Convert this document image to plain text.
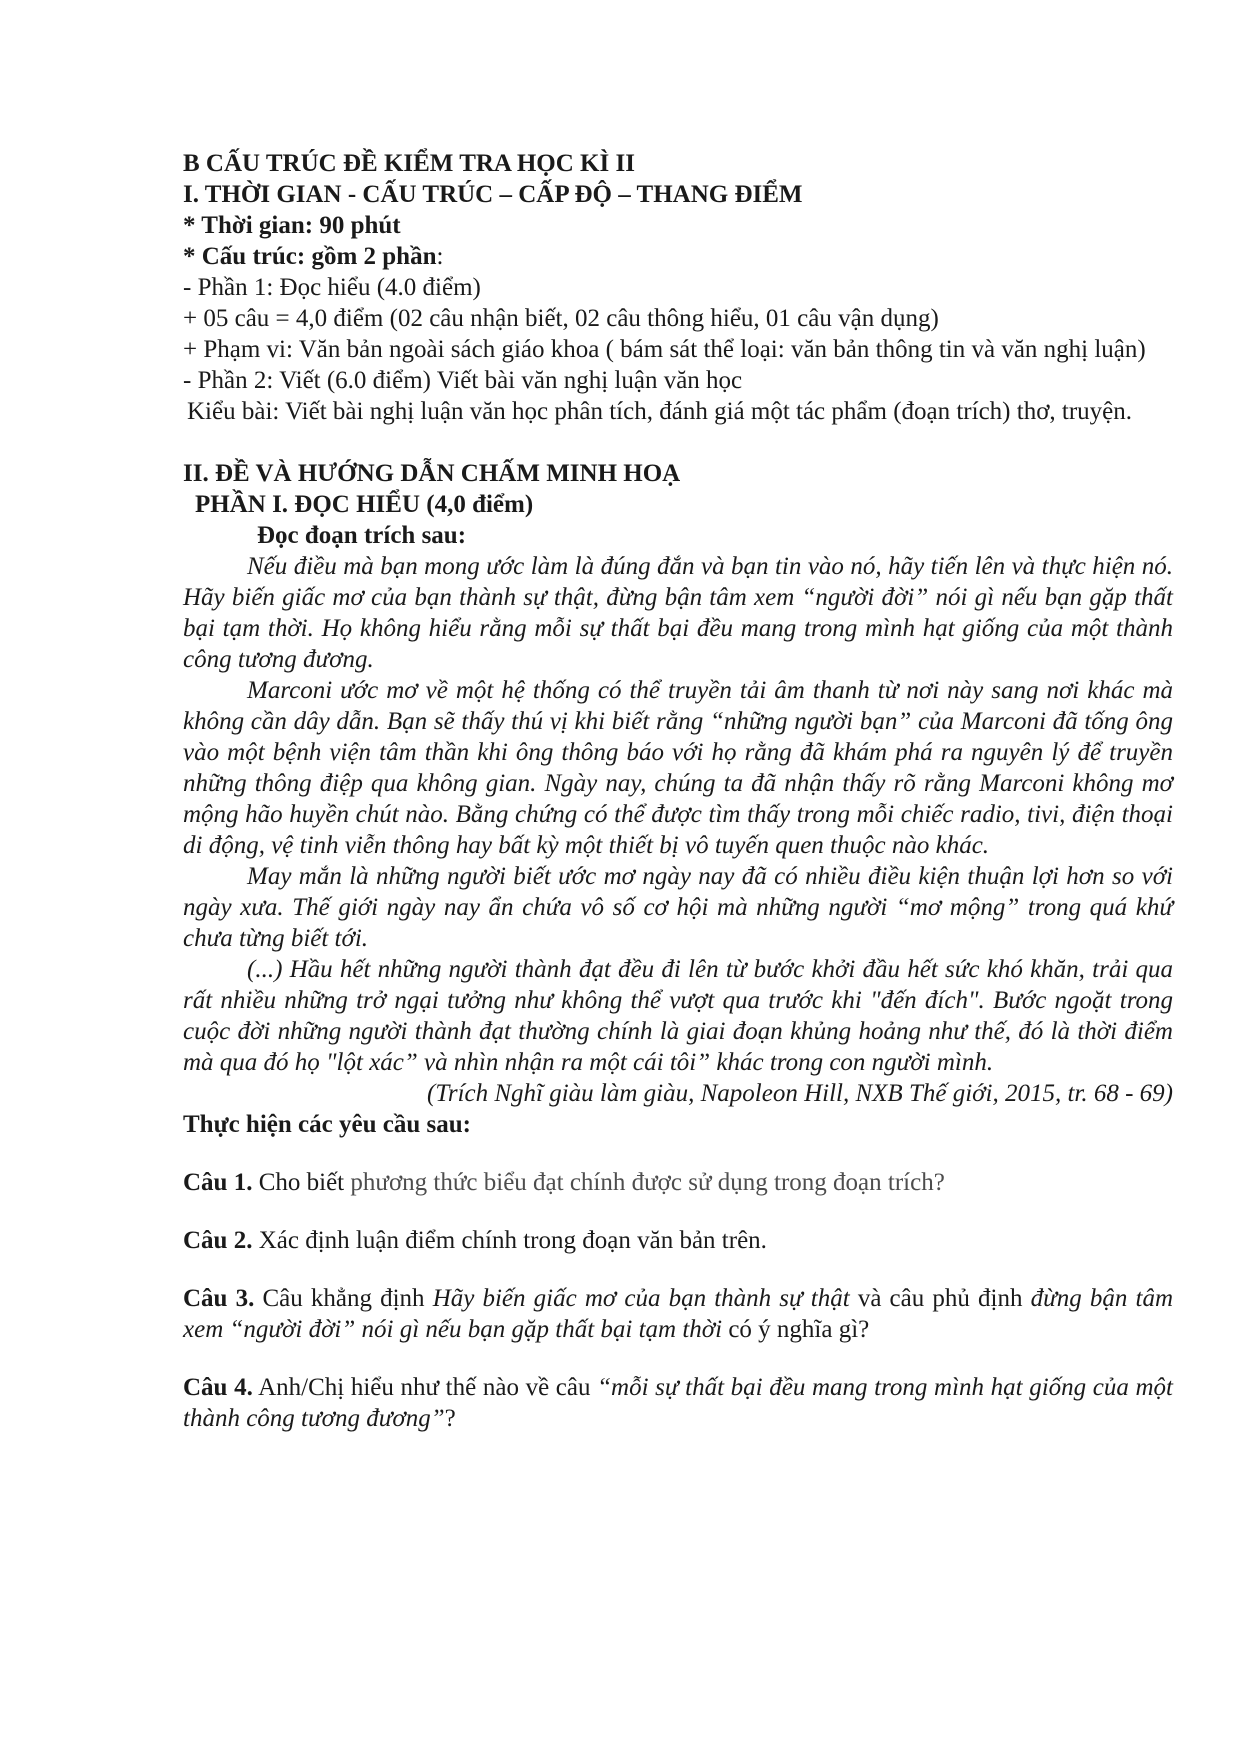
B CẤU TRÚC ĐỀ KIỂM TRA HỌC KÌ II
I. THỜI GIAN - CẤU TRÚC – CẤP ĐỘ – THANG ĐIỂM
* Thời gian: 90 phút
* Cấu trúc: gồm 2 phần:
- Phần 1: Đọc hiểu (4.0 điểm)
+ 05 câu = 4,0 điểm (02 câu nhận biết, 02 câu thông hiểu, 01 câu vận dụng)
+ Phạm vi: Văn bản ngoài sách giáo khoa ( bám sát thể loại: văn bản thông tin và văn nghị luận)
- Phần 2: Viết (6.0 điểm) Viết bài văn nghị luận văn học
Kiểu bài: Viết bài nghị luận văn học phân tích, đánh giá một tác phẩm (đoạn trích) thơ, truyện.
II. ĐỀ VÀ HƯỚNG DẪN CHẤM MINH HOẠ
PHẦN I. ĐỌC HIỂU (4,0 điểm)
Đọc đoạn trích sau:
Nếu điều mà bạn mong ước làm là đúng đắn và bạn tin vào nó, hãy tiến lên và thực hiện nó. Hãy biến giấc mơ của bạn thành sự thật, đừng bận tâm xem “người đời” nói gì nếu bạn gặp thất bại tạm thời. Họ không hiểu rằng mỗi sự thất bại đều mang trong mình hạt giống của một thành công tương đương.
Marconi ước mơ về một hệ thống có thể truyền tải âm thanh từ nơi này sang nơi khác mà không cần dây dẫn. Bạn sẽ thấy thú vị khi biết rằng “những người bạn” của Marconi đã tống ông vào một bệnh viện tâm thần khi ông thông báo với họ rằng đã khám phá ra nguyên lý để truyền những thông điệp qua không gian. Ngày nay, chúng ta đã nhận thấy rõ rằng Marconi không mơ mộng hão huyền chút nào. Bằng chứng có thể được tìm thấy trong mỗi chiếc radio, tivi, điện thoại di động, vệ tinh viễn thông hay bất kỳ một thiết bị vô tuyến quen thuộc nào khác.
May mắn là những người biết ước mơ ngày nay đã có nhiều điều kiện thuận lợi hơn so với ngày xưa. Thế giới ngày nay ẩn chứa vô số cơ hội mà những người “mơ mộng” trong quá khứ chưa từng biết tới.
(...) Hầu hết những người thành đạt đều đi lên từ bước khởi đầu hết sức khó khăn, trải qua rất nhiều những trở ngại tưởng như không thể vượt qua trước khi "đến đích". Bước ngoặt trong cuộc đời những người thành đạt thường chính là giai đoạn khủng hoảng như thế, đó là thời điểm mà qua đó họ "lột xác” và nhìn nhận ra một cái tôi” khác trong con người mình.
(Trích Nghĩ giàu làm giàu, Napoleon Hill, NXB Thế giới, 2015, tr. 68 - 69)
Thực hiện các yêu cầu sau:
Câu 1. Cho biết phương thức biểu đạt chính được sử dụng trong đoạn trích?
Câu 2. Xác định luận điểm chính trong đoạn văn bản trên.
Câu 3. Câu khẳng định Hãy biến giấc mơ của bạn thành sự thật và câu phủ định đừng bận tâm xem “người đời” nói gì nếu bạn gặp thất bại tạm thời có ý nghĩa gì?
Câu 4. Anh/Chị hiểu như thế nào về câu “mỗi sự thất bại đều mang trong mình hạt giống của một thành công tương đương”?
